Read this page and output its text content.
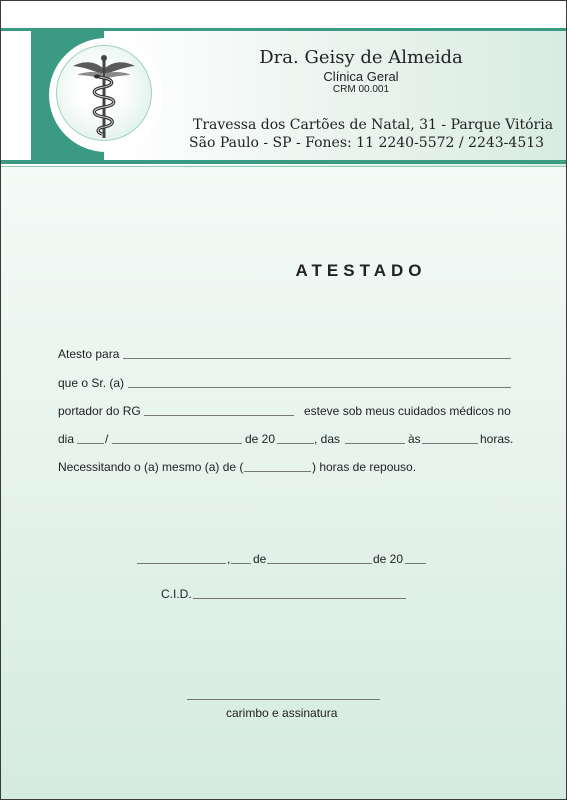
Dra. Geisy de Almeida
Clínica Geral
CRM 00.001
Travessa dos Cartões de Natal, 31 - Parque Vitória
São Paulo - SP - Fones: 11 2240-5572 / 2243-4513
ATESTADO
Atesto para
que o Sr. (a)
portador do RG	esteve sob meus cuidados médicos no
dia	/	de 20	, das	às	horas.
Necessitando o (a) mesmo (a) de (	) horas de repouso.
, de	de 20
C.I.D.
carimbo e assinatura
